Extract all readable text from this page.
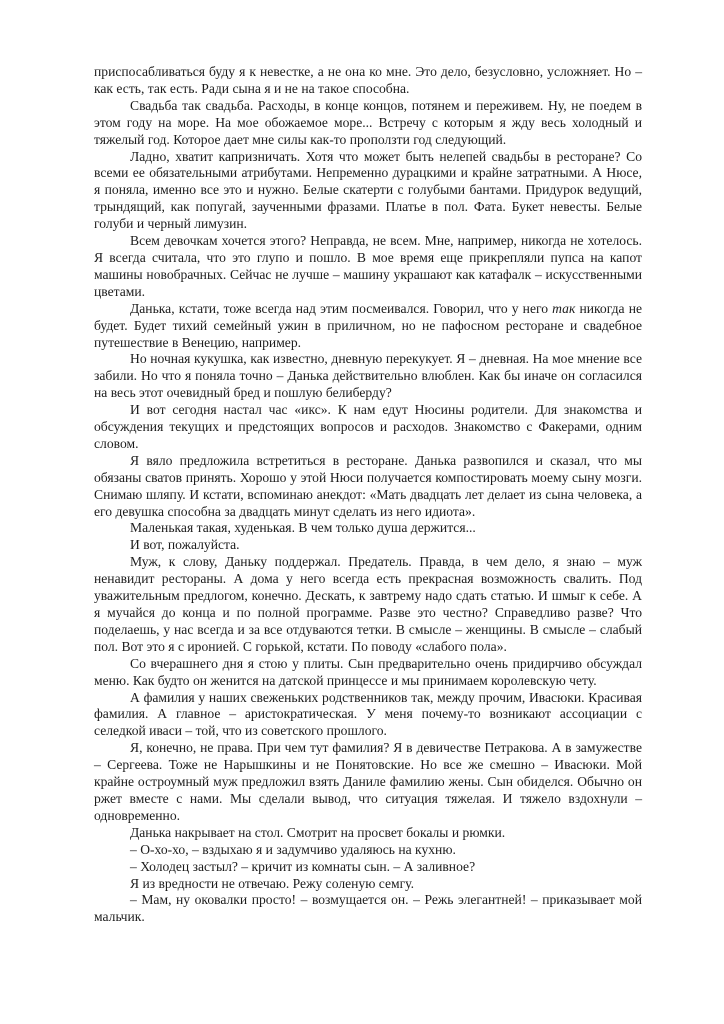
приспосабливаться буду я к невестке, а не она ко мне. Это дело, безусловно, усложняет. Но – как есть, так есть. Ради сына я и не на такое способна.

Свадьба так свадьба. Расходы, в конце концов, потянем и переживем. Ну, не поедем в этом году на море. На мое обожаемое море... Встречу с которым я жду весь холодный и тяжелый год. Которое дает мне силы как-то проползти год следующий.

Ладно, хватит капризничать. Хотя что может быть нелепей свадьбы в ресторане? Со всеми ее обязательными атрибутами. Непременно дурацкими и крайне затратными. А Нюсе, я поняла, именно все это и нужно. Белые скатерти с голубыми бантами. Придурок ведущий, трындящий, как попугай, заученными фразами. Платье в пол. Фата. Букет невесты. Белые голуби и черный лимузин.

Всем девочкам хочется этого? Неправда, не всем. Мне, например, никогда не хотелось. Я всегда считала, что это глупо и пошло. В мое время еще прикрепляли пупса на капот машины новобрачных. Сейчас не лучше – машину украшают как катафалк – искусственными цветами.

Данька, кстати, тоже всегда над этим посмеивался. Говорил, что у него так никогда не будет. Будет тихий семейный ужин в приличном, но не пафосном ресторане и свадебное путешествие в Венецию, например.

Но ночная кукушка, как известно, дневную перекукует. Я – дневная. На мое мнение все забили. Но что я поняла точно – Данька действительно влюблен. Как бы иначе он согласился на весь этот очевидный бред и пошлую белиберду?

И вот сегодня настал час «икс». К нам едут Нюсины родители. Для знакомства и обсуждения текущих и предстоящих вопросов и расходов. Знакомство с Факерами, одним словом.

Я вяло предложила встретиться в ресторане. Данька развопился и сказал, что мы обязаны сватов принять. Хорошо у этой Нюси получается компостировать моему сыну мозги. Снимаю шляпу. И кстати, вспоминаю анекдот: «Мать двадцать лет делает из сына человека, а его девушка способна за двадцать минут сделать из него идиота».

Маленькая такая, худенькая. В чем только душа держится...

И вот, пожалуйста.

Муж, к слову, Даньку поддержал. Предатель. Правда, в чем дело, я знаю – муж ненавидит рестораны. А дома у него всегда есть прекрасная возможность свалить. Под уважительным предлогом, конечно. Дескать, к завтрему надо сдать статью. И шмыг к себе. А я мучайся до конца и по полной программе. Разве это честно? Справедливо разве? Что поделаешь, у нас всегда и за все отдуваются тетки. В смысле – женщины. В смысле – слабый пол. Вот это я с иронией. С горькой, кстати. По поводу «слабого пола».

Со вчерашнего дня я стою у плиты. Сын предварительно очень придирчиво обсуждал меню. Как будто он женится на датской принцессе и мы принимаем королевскую чету.

А фамилия у наших свеженьких родственников так, между прочим, Ивасюки. Красивая фамилия. А главное – аристократическая. У меня почему-то возникают ассоциации с селедкой иваси – той, что из советского прошлого.

Я, конечно, не права. При чем тут фамилия? Я в девичестве Петракова. А в замужестве – Сергеева. Тоже не Нарышкины и не Понятовские. Но все же смешно – Ивасюки. Мой крайне остроумный муж предложил взять Даниле фамилию жены. Сын обиделся. Обычно он ржет вместе с нами. Мы сделали вывод, что ситуация тяжелая. И тяжело вздохнули – одновременно.

Данька накрывает на стол. Смотрит на просвет бокалы и рюмки.

– О-хо-хо, – вздыхаю я и задумчиво удаляюсь на кухню.

– Холодец застыл? – кричит из комнаты сын. – А заливное?

Я из вредности не отвечаю. Режу соленую семгу.

– Мам, ну оковалки просто! – возмущается он. – Режь элегантней! – приказывает мой мальчик.
